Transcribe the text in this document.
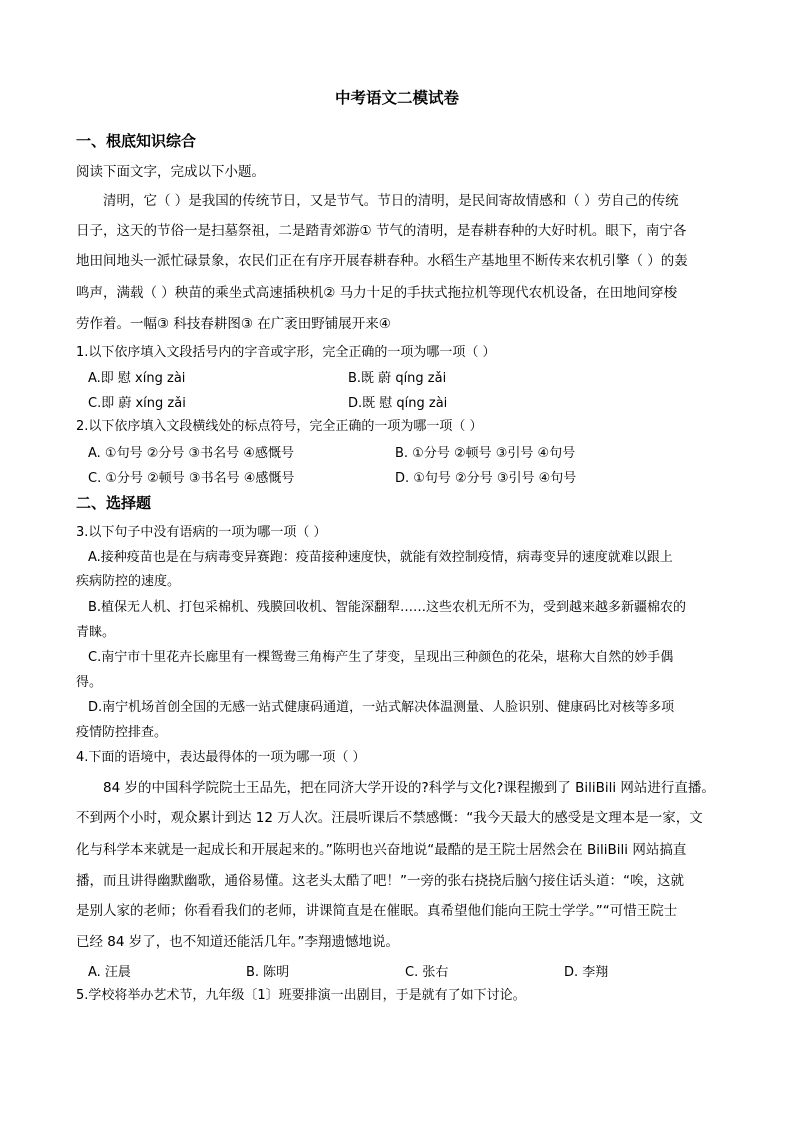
中考语文二模试卷
一、根底知识综合
阅读下面文字，完成以下小题。
清明，它（ ）是我国的传统节日，又是节气。节日的清明，是民间寄故情感和（ ）劳自己的传统
日子，这天的节俗一是扫墓祭祖，二是踏青郊游① 节气的清明，是春耕春种的大好时机。眼下，南宁各
地田间地头一派忙碌景象，农民们正在有序开展春耕春种。水稻生产基地里不断传来农机引擎（ ）的轰
鸣声，满载（ ）秧苗的乘坐式高速插秧机② 马力十足的手扶式拖拉机等现代农机设备，在田地间穿梭
劳作着。一幅③ 科技春耕图③ 在广袤田野铺展开来④
1.以下依序填入文段括号内的字音或字形，完全正确的一项为哪一项（ ）
A.即 慰 xíng zài	B.既 蔚 qíng zǎi
C.即 蔚 xíng zǎi	D.既 慰 qíng zài
2.以下依序填入文段横线处的标点符号，完全正确的一项为哪一项（ ）
A. ①句号 ②分号 ③书名号 ④感慨号	B. ①分号 ②顿号 ③引号 ④句号
C. ①分号 ②顿号 ③书名号 ④感慨号	D. ①句号 ②分号 ③引号 ④句号
二、选择题
3.以下句子中没有语病的一项为哪一项（ ）
A.接种疫苗也是在与病毒变异赛跑：疫苗接种速度快，就能有效控制疫情，病毒变异的速度就难以跟上
疾病防控的速度。
B.植保无人机、打包采棉机、残膜回收机、智能深翻犁……这些农机无所不为，受到越来越多新疆棉农的
青睐。
C.南宁市十里花卉长廊里有一棵鸳鸯三角梅产生了芽变，呈现出三种颜色的花朵，堪称大自然的妙手偶
得。
D.南宁机场首创全国的无感一站式健康码通道，一站式解决体温测量、人脸识别、健康码比对核等多项
疫情防控排查。
4.下面的语境中，表达最得体的一项为哪一项（ ）
84 岁的中国科学院院士王品先，把在同济大学开设的?科学与文化?课程搬到了 BiliBili 网站进行直播。
不到两个小时，观众累计到达 12 万人次。汪晨听课后不禁感慨：“我今天最大的感受是文理本是一家，文
化与科学本来就是一起成长和开展起来的。”陈明也兴奋地说“最酷的是王院士居然会在 BiliBili 网站搞直
播，而且讲得幽默幽歌，通俗易懂。这老头太酷了吧！”一旁的张右挠挠后脑勺接住话头道：“唉，这就
是别人家的老师；你看看我们的老师，讲课简直是在催眠。真希望他们能向王院士学学。”“可惜王院士
已经 84 岁了，也不知道还能活几年。”李翔遗憾地说。
A. 汪晨	B. 陈明	C. 张右	D. 李翔
5.学校将举办艺术节，九年级〔1〕班要排演一出剧目，于是就有了如下讨论。
